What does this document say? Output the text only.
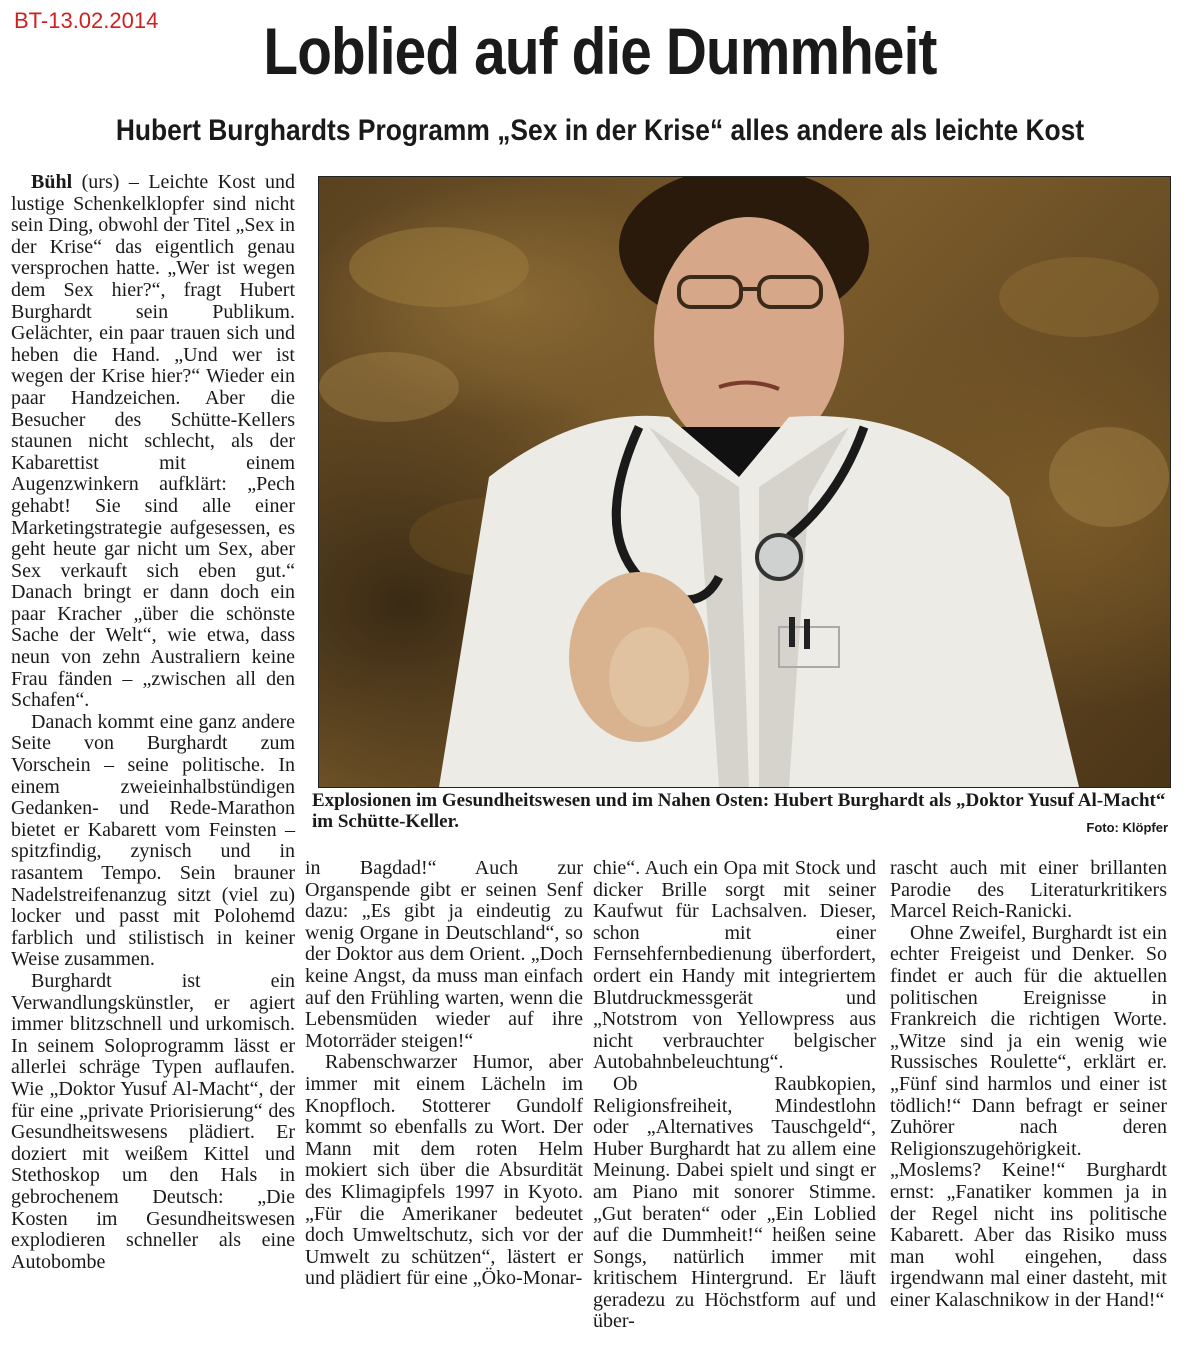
BT-13.02.2014	Loblied auf die Dummheit
Hubert Burghardts Programm „Sex in der Krise“ alles andere als leichte Kost

Bühl (urs) – Leichte Kost und lustige Schenkelklopfer sind nicht sein Ding, obwohl der Titel „Sex in der Krise“ das eigentlich genau versprochen hatte. „Wer ist wegen dem Sex hier?“, fragt Hubert Burghardt sein Publikum. Gelächter, ein paar trauen sich und heben die Hand. „Und wer ist wegen der Krise hier?“ Wieder ein paar Handzeichen. Aber die Besucher des Schütte-Kellers staunen nicht schlecht, als der Kabarettist mit einem Augenzwinkern aufklärt: „Pech gehabt! Sie sind alle einer Marketingstrategie aufgesessen, es geht heute gar nicht um Sex, aber Sex verkauft sich eben gut.“ Danach bringt er dann doch ein paar Kracher „über die schönste Sache der Welt“, wie etwa, dass neun von zehn Australiern keine Frau fänden – „zwischen all den Schafen“.

Danach kommt eine ganz andere Seite von Burghardt zum Vorschein – seine politische. In einem zweieinhalbstündigen Gedanken- und Rede-Marathon bietet er Kabarett vom Feinsten – spitzfindig, zynisch und in rasantem Tempo. Sein brauner Nadelstreifenanzug sitzt (viel zu) locker und passt mit Polohemd farblich und stilistisch in keiner Weise zusammen.

Burghardt ist ein Verwandlungskünstler, er agiert immer blitzschnell und urkomisch. In seinem Soloprogramm lässt er allerlei schräge Typen auflaufen. Wie „Doktor Yusuf Al-Macht“, der für eine „private Priorisierung“ des Gesundheitswesens plädiert. Er doziert mit weißem Kittel und Stethoskop um den Hals in gebrochenem Deutsch: „Die Kosten im Gesundheitswesen explodieren schneller als eine Autobombe

Explosionen im Gesundheitswesen und im Nahen Osten: Hubert Burghardt als „Doktor Yusuf Al-Macht“ im Schütte-Keller.	Foto: Klöpfer

in Bagdad!“ Auch zur Organspende gibt er seinen Senf dazu: „Es gibt ja eindeutig zu wenig Organe in Deutschland“, so der Doktor aus dem Orient. „Doch keine Angst, da muss man einfach auf den Frühling warten, wenn die Lebensmüden wieder auf ihre Motorräder steigen!“

Rabenschwarzer Humor, aber immer mit einem Lächeln im Knopfloch. Stotterer Gundolf kommt so ebenfalls zu Wort. Der Mann mit dem roten Helm mokiert sich über die Absurdität des Klimagipfels 1997 in Kyoto. „Für die Amerikaner bedeutet doch Umweltschutz, sich vor der Umwelt zu schützen“, lästert er und plädiert für eine „Öko-Monar-

chie“. Auch ein Opa mit Stock und dicker Brille sorgt mit seiner Kaufwut für Lachsalven. Dieser, schon mit einer Fernsehfernbedienung überfordert, ordert ein Handy mit integriertem Blutdruckmessgerät und „Notstrom von Yellowpress aus nicht verbrauchter belgischer Autobahnbeleuchtung“.

Ob Raubkopien, Religionsfreiheit, Mindestlohn oder „Alternatives Tauschgeld“, Huber Burghardt hat zu allem eine Meinung. Dabei spielt und singt er am Piano mit sonorer Stimme. „Gut beraten“ oder „Ein Loblied auf die Dummheit!“ heißen seine Songs, natürlich immer mit kritischem Hintergrund. Er läuft geradezu zu Höchstform auf und über-

rascht auch mit einer brillanten Parodie des Literaturkritikers Marcel Reich-Ranicki.

Ohne Zweifel, Burghardt ist ein echter Freigeist und Denker. So findet er auch für die aktuellen politischen Ereignisse in Frankreich die richtigen Worte. „Witze sind ja ein wenig wie Russisches Roulette“, erklärt er. „Fünf sind harmlos und einer ist tödlich!“ Dann befragt er seiner Zuhörer nach deren Religionszugehörigkeit. „Moslems? Keine!“ Burghardt ernst: „Fanatiker kommen ja in der Regel nicht ins politische Kabarett. Aber das Risiko muss man wohl eingehen, dass irgendwann mal einer dasteht, mit einer Kalaschnikow in der Hand!“
